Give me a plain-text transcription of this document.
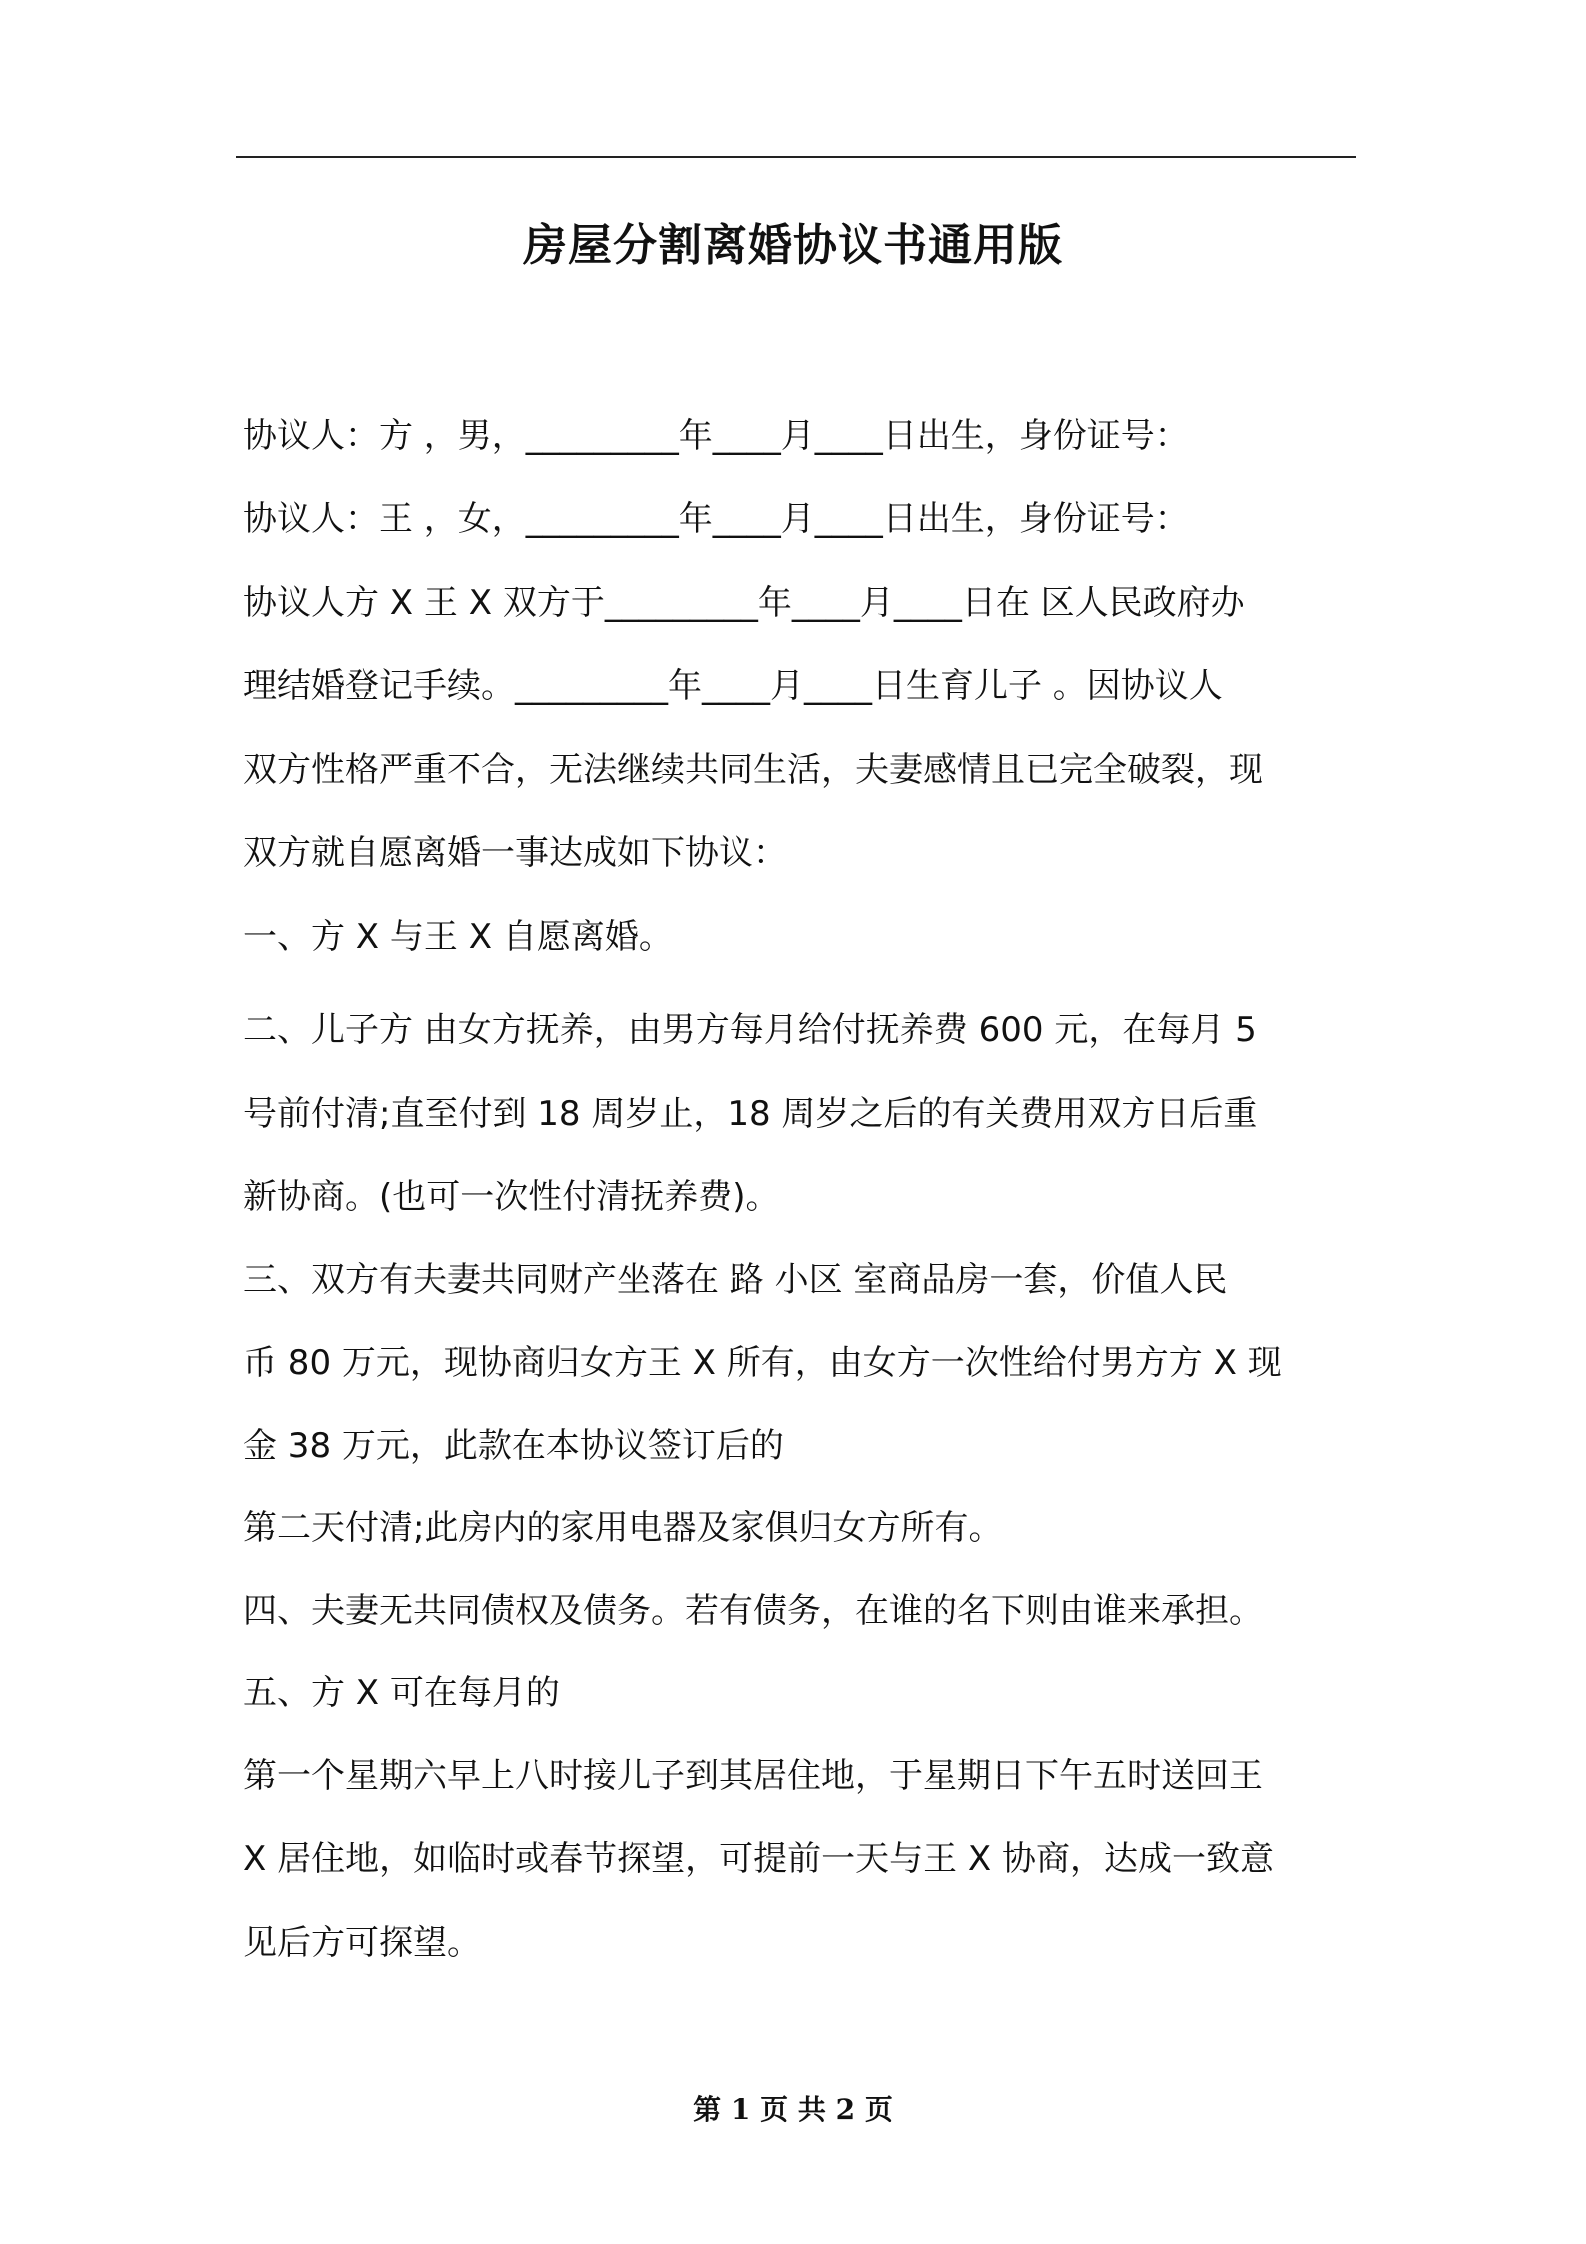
房屋分割离婚协议书通用版
协议人：方 ，男，_________年____月____日出生，身份证号：
协议人：王 ，女，_________年____月____日出生，身份证号：
协议人方 X 王 X 双方于_________年____月____日在 区人民政府办
理结婚登记手续。_________年____月____日生育儿子 。因协议人
双方性格严重不合，无法继续共同生活，夫妻感情且已完全破裂，现
双方就自愿离婚一事达成如下协议：
一、方 X 与王 X 自愿离婚。
二、儿子方 由女方抚养，由男方每月给付抚养费 600 元，在每月 5
号前付清;直至付到 18 周岁止，18 周岁之后的有关费用双方日后重
新协商。(也可一次性付清抚养费)。
三、双方有夫妻共同财产坐落在 路 小区 室商品房一套，价值人民
币 80 万元，现协商归女方王 X 所有，由女方一次性给付男方方 X 现
金 38 万元，此款在本协议签订后的
第二天付清;此房内的家用电器及家俱归女方所有。
四、夫妻无共同债权及债务。若有债务，在谁的名下则由谁来承担。
五、方 X 可在每月的
第一个星期六早上八时接儿子到其居住地，于星期日下午五时送回王
X 居住地，如临时或春节探望，可提前一天与王 X 协商，达成一致意
见后方可探望。
第 1 页 共 2 页
